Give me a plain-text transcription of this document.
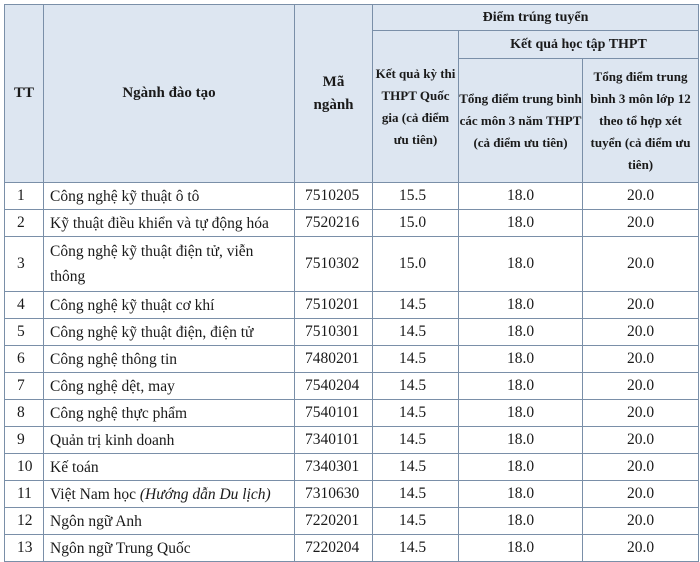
TT	Ngành đào tạo	Mã ngành	Điểm trúng tuyển		
			Kết quả kỳ thi THPT Quốc gia (cả điểm ưu tiên)	Kết quả học tập THPT	
				Tổng điểm trung bình các môn 3 năm THPT (cả điểm ưu tiên)	Tổng điểm trung bình 3 môn lớp 12 theo tổ hợp xét tuyển (cả điểm ưu tiên)
1	Công nghệ kỹ thuật ô tô	7510205	15.5	18.0	20.0
2	Kỹ thuật điều khiển và tự động hóa	7520216	15.0	18.0	20.0
3	Công nghệ kỹ thuật điện tử, viễn thông	7510302	15.0	18.0	20.0
4	Công nghệ kỹ thuật cơ khí	7510201	14.5	18.0	20.0
5	Công nghệ kỹ thuật điện, điện tử	7510301	14.5	18.0	20.0
6	Công nghệ thông tin	7480201	14.5	18.0	20.0
7	Công nghệ dệt, may	7540204	14.5	18.0	20.0
8	Công nghệ thực phẩm	7540101	14.5	18.0	20.0
9	Quản trị kinh doanh	7340101	14.5	18.0	20.0
10	Kế toán	7340301	14.5	18.0	20.0
11	Việt Nam học (Hướng dẫn Du lịch)	7310630	14.5	18.0	20.0
12	Ngôn ngữ Anh	7220201	14.5	18.0	20.0
13	Ngôn ngữ Trung Quốc	7220204	14.5	18.0	20.0
